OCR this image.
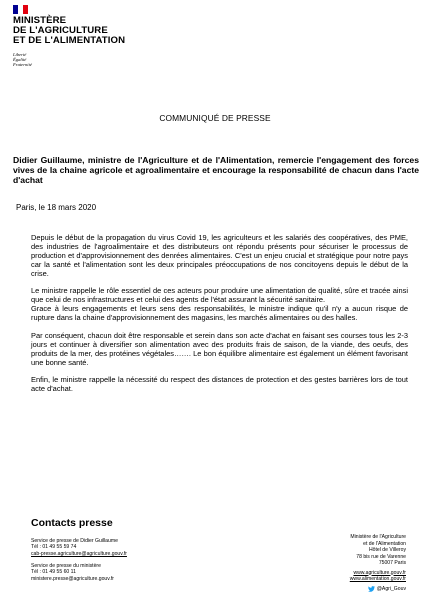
MINISTÈRE
DE L'AGRICULTURE
ET DE L'ALIMENTATION
Liberté
Égalité
Fraternité
COMMUNIQUÉ DE PRESSE
Didier Guillaume, ministre de l'Agriculture et de l'Alimentation, remercie l'engagement des forces vives de la chaine agricole et agroalimentaire et encourage la responsabilité de chacun dans l'acte d'achat
Paris, le 18 mars 2020

Depuis le début de la propagation du virus Covid 19, les agriculteurs et les salariés des coopératives, des PME, des industries de l'agroalimentaire et des distributeurs ont répondu présents pour sécuriser le processus de production et d'approvisionnement des denrées alimentaires. C'est un enjeu crucial et stratégique pour notre pays car la santé et l'alimentation sont les deux principales préoccupations de nos concitoyens depuis le début de la crise.

Le ministre rappelle le rôle essentiel de ces acteurs pour produire une alimentation de qualité, sûre et tracée ainsi que celui de nos infrastructures et celui des agents de l'état assurant la sécurité sanitaire.

Grace à leurs engagements et leurs sens des responsabilités, le ministre indique qu'il n'y a aucun risque de rupture dans la chaine d'approvisionnement des magasins, les marchés alimentaires ou des halles.

Par conséquent, chacun doit être responsable et serein dans son acte d'achat en faisant ses courses tous les 2-3 jours et continuer à diversifier son alimentation avec des produits frais de saison, de la viande, des oeufs, des produits de la mer, des protéines végétales……. Le bon équilibre alimentaire est également un élément favorisant une bonne santé.

Enfin, le ministre rappelle la nécessité du respect des distances de protection et des gestes barrières lors de tout acte d'achat.

Contacts presse
Service de presse de Didier Guillaume
Tél : 01 49 55 59 74
cab-presse.agriculture@agriculture.gouv.fr
Service de presse du ministère
Tél : 01 49 55 60 11
ministere.presse@agriculture.gouv.fr
Ministère de l'Agriculture
et de l'Alimentation
Hôtel de Villeroy
78 bis rue de Varenne
75007 Paris
www.agriculture.gouv.fr
www.alimentation.gouv.fr
@Agri_Gouv
